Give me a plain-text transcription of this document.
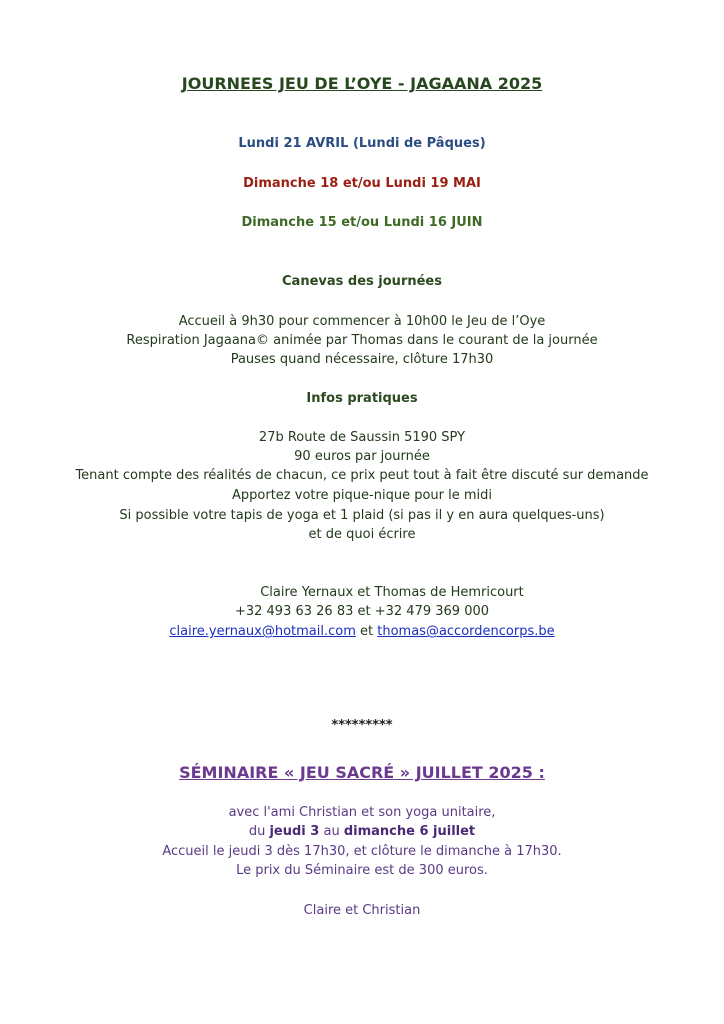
JOURNEES JEU DE L’OYE - JAGAANA 2025
Lundi 21 AVRIL (Lundi de Pâques)
Dimanche 18 et/ou Lundi 19 MAI
Dimanche 15 et/ou Lundi 16 JUIN
Canevas des journées
Accueil à 9h30 pour commencer à 10h00 le Jeu de l’Oye
Respiration Jagaana© animée par Thomas dans le courant de la journée
Pauses quand nécessaire, clôture 17h30
Infos pratiques
27b Route de Saussin 5190 SPY
90 euros par journée
Tenant compte des réalités de chacun, ce prix peut tout à fait être discuté sur demande
Apportez votre pique-nique pour le midi
Si possible votre tapis de yoga et 1 plaid (si pas il y en aura quelques-uns)
et de quoi écrire
Claire Yernaux et Thomas de Hemricourt
+32 493 63 26 83 et +32 479 369 000
claire.yernaux@hotmail.com et thomas@accordencorps.be
*********
SÉMINAIRE « JEU SACRÉ » JUILLET 2025 :
avec l'ami Christian et son yoga unitaire,
du jeudi 3 au dimanche 6 juillet
Accueil le jeudi 3 dès 17h30, et clôture le dimanche à 17h30.
Le prix du Séminaire est de 300 euros.
Claire et Christian
